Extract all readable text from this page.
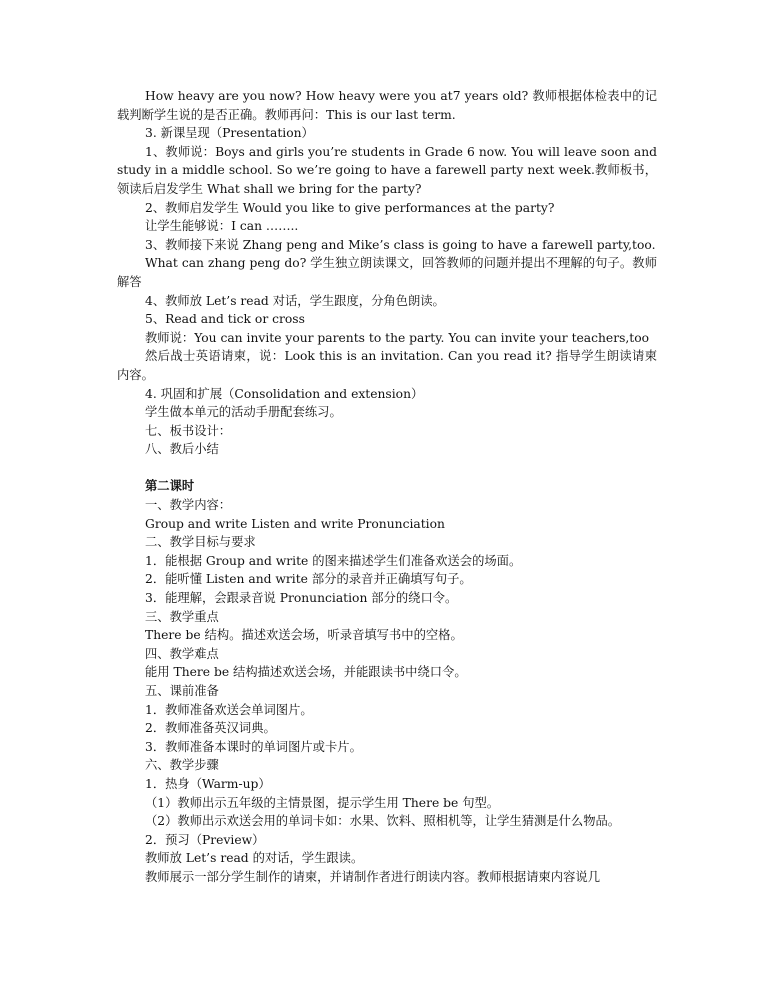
How heavy are you now? How heavy were you at7 years old? 教师根据体检表中的记载判断学生说的是否正确。教师再问：This is our last term.

3. 新课呈现（Presentation）

1、教师说：Boys and girls you’re students in Grade 6 now. You will leave soon and study in a middle school. So we’re going to have a farewell party next week.教师板书，领读后启发学生 What shall we bring for the party?

2、教师启发学生 Would you like to give performances at the party?

让学生能够说：I can ……..

3、教师接下来说 Zhang peng and Mike’s class is going to have a farewell party,too.

What can zhang peng do? 学生独立朗读课文，回答教师的问题并提出不理解的句子。教师解答

4、教师放 Let’s read 对话，学生跟度，分角色朗读。

5、Read and tick or cross

教师说：You can invite your parents to the party. You can invite your teachers,too

然后战士英语请柬，说：Look this is an invitation. Can you read it? 指导学生朗读请柬内容。

4. 巩固和扩展（Consolidation and extension）

学生做本单元的活动手册配套练习。

七、板书设计：

八、教后小结

第二课时

一、教学内容：

Group and write Listen and write Pronunciation

二、教学目标与要求

1．能根据 Group and write 的图来描述学生们准备欢送会的场面。

2．能听懂 Listen and write 部分的录音并正确填写句子。

3．能理解，会跟录音说 Pronunciation 部分的绕口令。

三、教学重点

There be 结构。描述欢送会场，听录音填写书中的空格。

四、教学难点

能用 There be 结构描述欢送会场，并能跟读书中绕口令。

五、课前准备

1．教师准备欢送会单词图片。

2．教师准备英汉词典。

3．教师准备本课时的单词图片或卡片。

六、教学步骤

1．热身（Warm-up）

（1）教师出示五年级的主情景图，提示学生用 There be 句型。

（2）教师出示欢送会用的单词卡如：水果、饮料、照相机等，让学生猜测是什么物品。

2．预习（Preview）

教师放 Let’s read 的对话，学生跟读。

教师展示一部分学生制作的请柬，并请制作者进行朗读内容。教师根据请柬内容说几
